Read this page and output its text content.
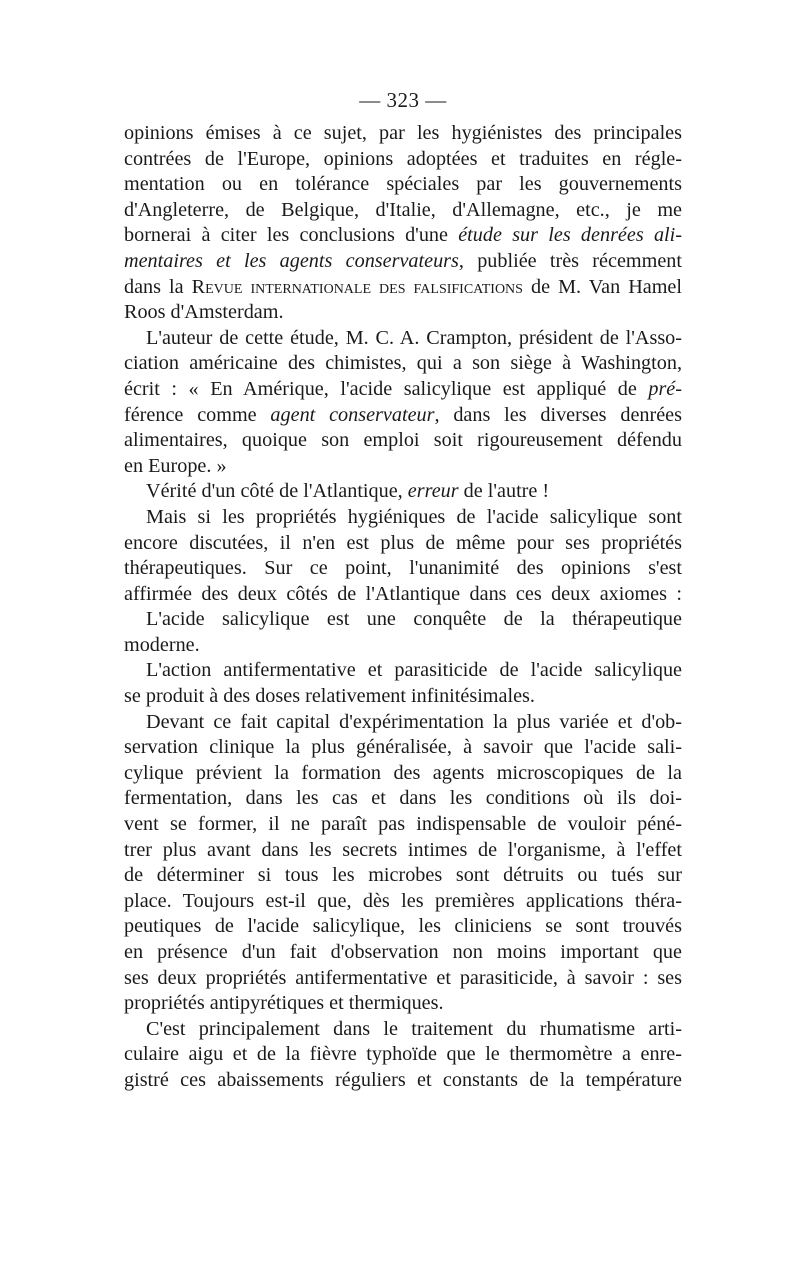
— 323 —
opinions émises à ce sujet, par les hygiénistes des principales
contrées de l'Europe, opinions adoptées et traduites en régle-
mentation ou en tolérance spéciales par les gouvernements
d'Angleterre, de Belgique, d'Italie, d'Allemagne, etc., je me
bornerai à citer les conclusions d'une étude sur les denrées ali-
mentaires et les agents conservateurs, publiée très récemment
dans la Revue internationale des falsifications de M. Van Hamel
Roos d'Amsterdam.
L'auteur de cette étude, M. C. A. Crampton, président de l'Asso-
ciation américaine des chimistes, qui a son siège à Washington,
écrit : « En Amérique, l'acide salicylique est appliqué de pré-
férence comme agent conservateur, dans les diverses denrées
alimentaires, quoique son emploi soit rigoureusement défendu
en Europe. »
Vérité d'un côté de l'Atlantique, erreur de l'autre !
Mais si les propriétés hygiéniques de l'acide salicylique sont
encore discutées, il n'en est plus de même pour ses propriétés
thérapeutiques. Sur ce point, l'unanimité des opinions s'est
affirmée des deux côtés de l'Atlantique dans ces deux axiomes :
L'acide salicylique est une conquête de la thérapeutique
moderne.
L'action antifermentative et parasiticide de l'acide salicylique
se produit à des doses relativement infinitésimales.
Devant ce fait capital d'expérimentation la plus variée et d'ob-
servation clinique la plus généralisée, à savoir que l'acide sali-
cylique prévient la formation des agents microscopiques de la
fermentation, dans les cas et dans les conditions où ils doi-
vent se former, il ne paraît pas indispensable de vouloir péné-
trer plus avant dans les secrets intimes de l'organisme, à l'effet
de déterminer si tous les microbes sont détruits ou tués sur
place. Toujours est-il que, dès les premières applications théra-
peutiques de l'acide salicylique, les cliniciens se sont trouvés
en présence d'un fait d'observation non moins important que
ses deux propriétés antifermentative et parasiticide, à savoir : ses
propriétés antipyrétiques et thermiques.
C'est principalement dans le traitement du rhumatisme arti-
culaire aigu et de la fièvre typhoïde que le thermomètre a enre-
gistré ces abaissements réguliers et constants de la température
